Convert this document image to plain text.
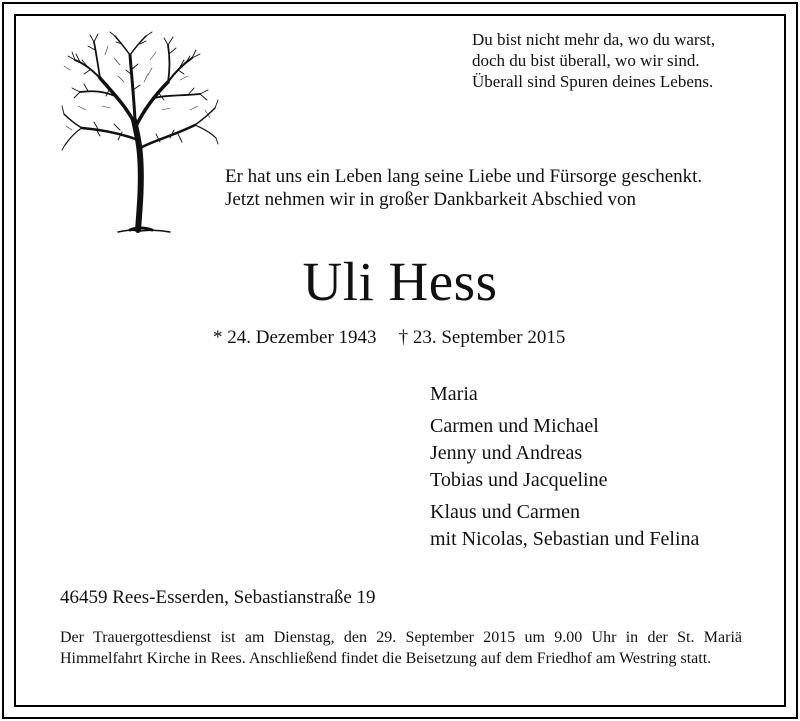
Du bist nicht mehr da, wo du warst,
doch du bist überall, wo wir sind.
Überall sind Spuren deines Lebens.
Er hat uns ein Leben lang seine Liebe und Fürsorge geschenkt.
Jetzt nehmen wir in großer Dankbarkeit Abschied von
Uli Hess
* 24. Dezember 1943 † 23. September 2015
Maria
Carmen und Michael
Jenny und Andreas
Tobias und Jacqueline
Klaus und Carmen
mit Nicolas, Sebastian und Felina
46459 Rees-Esserden, Sebastianstraße 19
Der Trauergottesdienst ist am Dienstag, den 29. September 2015 um 9.00 Uhr in der St. Mariä Himmelfahrt Kirche in Rees. Anschließend findet die Beisetzung auf dem Friedhof am Westring statt.
